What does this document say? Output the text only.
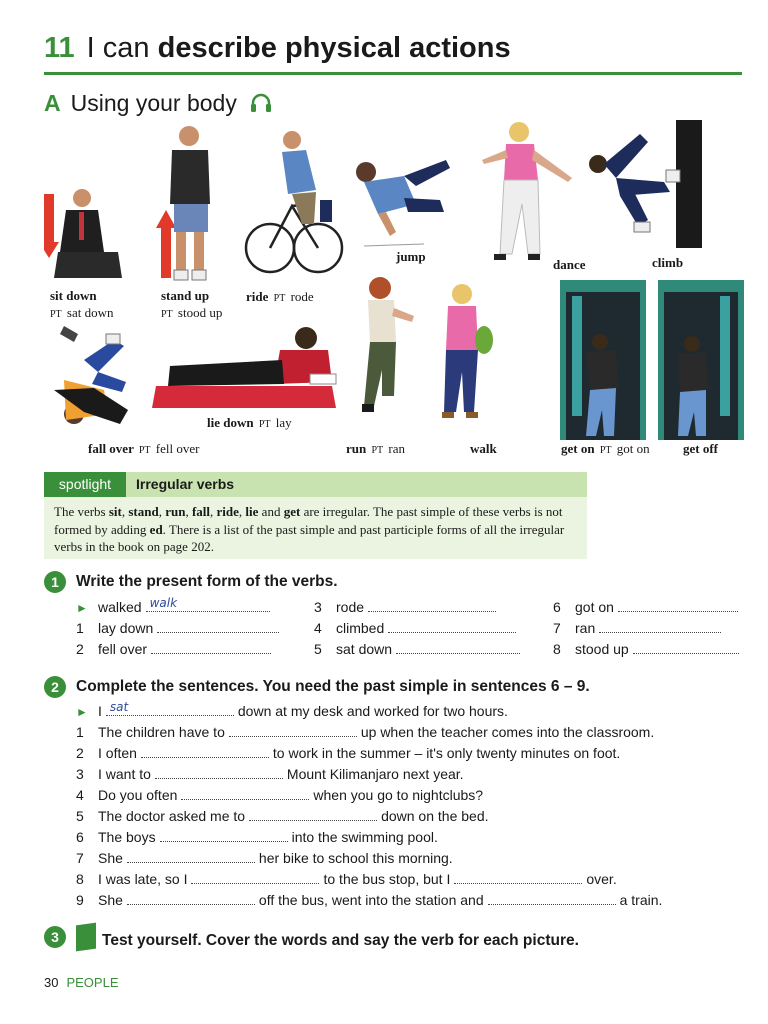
11 I can describe physical actions
A Using your body
sit down
PT sat down
stand up
PT stood up
ride PT rode
jump
dance	climb
lie down PT lay
fall over PT fell over	run PT ran	walk	get on PT got on	get off
spotlight	Irregular verbs
The verbs sit, stand, run, fall, ride, lie and get are irregular. The past simple of these verbs is not formed by adding ed. There is a list of the past simple and past participle forms of all the irregular verbs in the book on page 202.
1	Write the present form of the verbs.
► walked walk
1	lay down
2	fell over
3	rode
4	climbed
5	sat down
6	got on
7	ran
8	stood up
2	Complete the sentences. You need the past simple in sentences 6 – 9.
► I sat	down at my desk and worked for two hours.
1	The children have to	up when the teacher comes into the classroom.
2	I often	to work in the summer – it's only twenty minutes on foot.
3	I want to	Mount Kilimanjaro next year.
4	Do you often	when you go to nightclubs?
5	The doctor asked me to	down on the bed.
6	The boys	into the swimming pool.
7	She	her bike to school this morning.
8	I was late, so I	to the bus stop, but I	over.
9	She	off the bus, went into the station and	a train.
3	Test yourself. Cover the words and say the verb for each picture.
30 PEOPLE
